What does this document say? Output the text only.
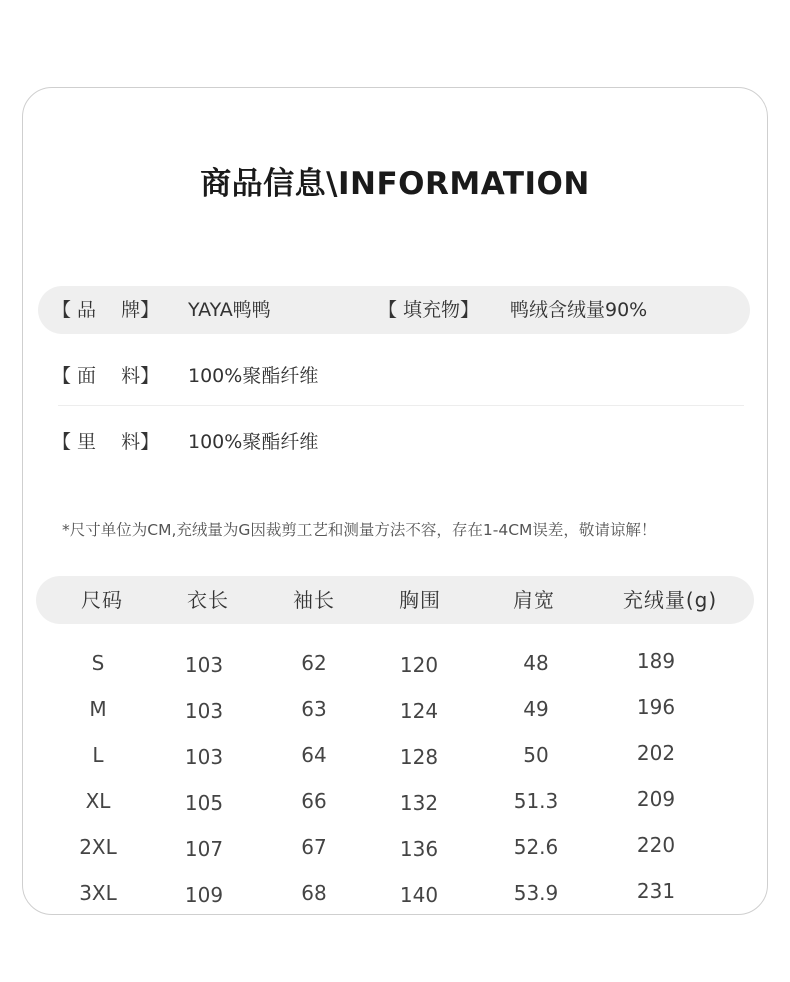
商品信息\INFORMATION
【 品　 牌】 YAYA鸭鸭	【 填充物】 鸭绒含绒量90%
【 面　 料】 100%聚酯纤维
【 里　 料】 100%聚酯纤维
*尺寸单位为CM,充绒量为G因裁剪工艺和测量方法不容，存在1-4CM误差，敬请谅解！
尺码	衣长	袖长	胸围	肩宽	充绒量(g)
S	103	62	120	48	189
M	103	63	124	49	196
L	103	64	128	50	202
XL	105	66	132	51.3	209
2XL	107	67	136	52.6	220
3XL	109	68	140	53.9	231
